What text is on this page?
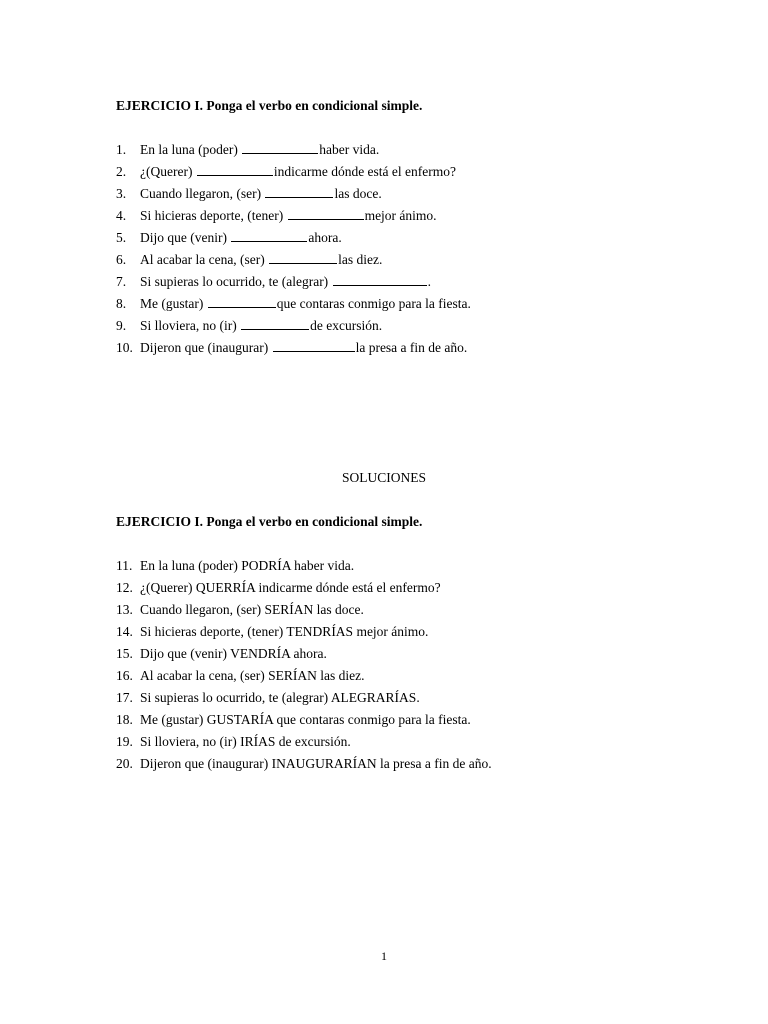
EJERCICIO I. Ponga el verbo en condicional simple.
1. En la luna (poder)	haber vida.
2. ¿(Querer)	indicarme dónde está el enfermo?
3. Cuando llegaron, (ser)	las doce.
4. Si hicieras deporte, (tener)	mejor ánimo.
5. Dijo que (venir)	ahora.
6. Al acabar la cena, (ser)	las diez.
7. Si supieras lo ocurrido, te (alegrar)	.
8. Me (gustar)	que contaras conmigo para la fiesta.
9. Si lloviera, no (ir)	de excursión.
10. Dijeron que (inaugurar)	la presa a fin de año.
SOLUCIONES
EJERCICIO I. Ponga el verbo en condicional simple.
11. En la luna (poder) PODRÍA haber vida.
12. ¿(Querer) QUERRÍA indicarme dónde está el enfermo?
13. Cuando llegaron, (ser) SERÍAN las doce.
14. Si hicieras deporte, (tener) TENDRÍAS mejor ánimo.
15. Dijo que (venir) VENDRÍA ahora.
16. Al acabar la cena, (ser) SERÍAN las diez.
17. Si supieras lo ocurrido, te (alegrar) ALEGRARÍAS.
18. Me (gustar) GUSTARÍA que contaras conmigo para la fiesta.
19. Si lloviera, no (ir) IRÍAS de excursión.
20. Dijeron que (inaugurar) INAUGURARÍAN la presa a fin de año.
1
